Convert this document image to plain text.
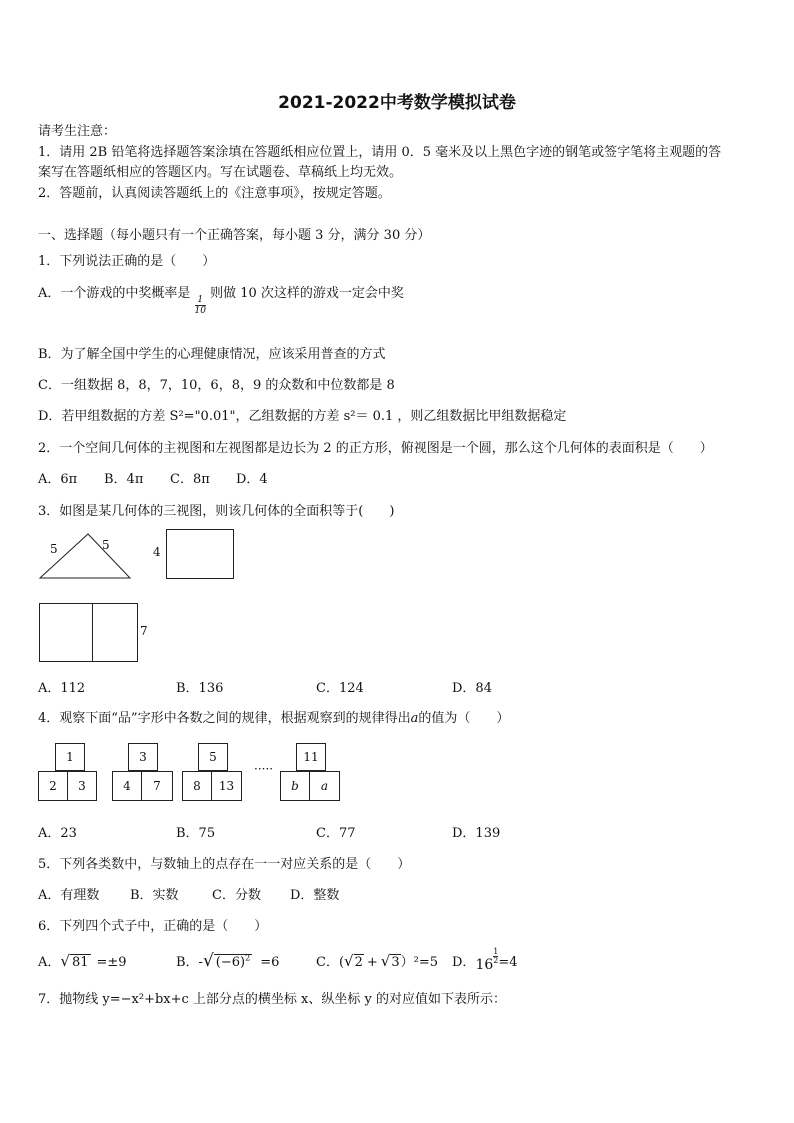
2021-2022中考数学模拟试卷
请考生注意：
1．请用 2B 铅笔将选择题答案涂填在答题纸相应位置上，请用 0．5 毫米及以上黑色字迹的钢笔或签字笔将主观题的答
案写在答题纸相应的答题区内。写在试题卷、草稿纸上均无效。
2．答题前，认真阅读答题纸上的《注意事项》，按规定答题。
一、选择题（每小题只有一个正确答案，每小题 3 分，满分 30 分）
1．下列说法正确的是（　　）
A．一个游戏的中奖概率是
$\frac{1}{10}$
则做 10 次这样的游戏一定会中奖
B．为了解全国中学生的心理健康情况，应该采用普查的方式
C．一组数据 8，8，7，10，6，8，9 的众数和中位数都是 8
D．若甲组数据的方差 S²="0.01"，乙组数据的方差 s²＝ 0.1 ，则乙组数据比甲组数据稳定
2．一个空间几何体的主视图和左视图都是边长为 2 的正方形，俯视图是一个圆，那么这个几何体的表面积是（　　）
A．6π B．4π C．8π D．4
3．如图是某几何体的三视图，则该几何体的全面积等于(　　)
5	5	4
7
A．112	B．136	C．124	D．84
4．观察下面“品”字形中各数之间的规律，根据观察到的规律得出a的值为（　　）
1
2	3
3
4	7
5
8	13
·····
11
b	a
A．23	B．75	C．77	D．139
5．下列各类数中，与数轴上的点存在一一对应关系的是（　　）
A．有理数 B．实数	C．分数 D．整数
6．下列四个式子中，正确的是（　　）
A．√ 81 =±9	B．-√ $(-6)^2 =6$	C．(√2 + √3）²=5 D．$16 \frac{1}{2} =4$
7．抛物线 y=−x²+bx+c 上部分点的横坐标 x、纵坐标 y 的对应值如下表所示：
